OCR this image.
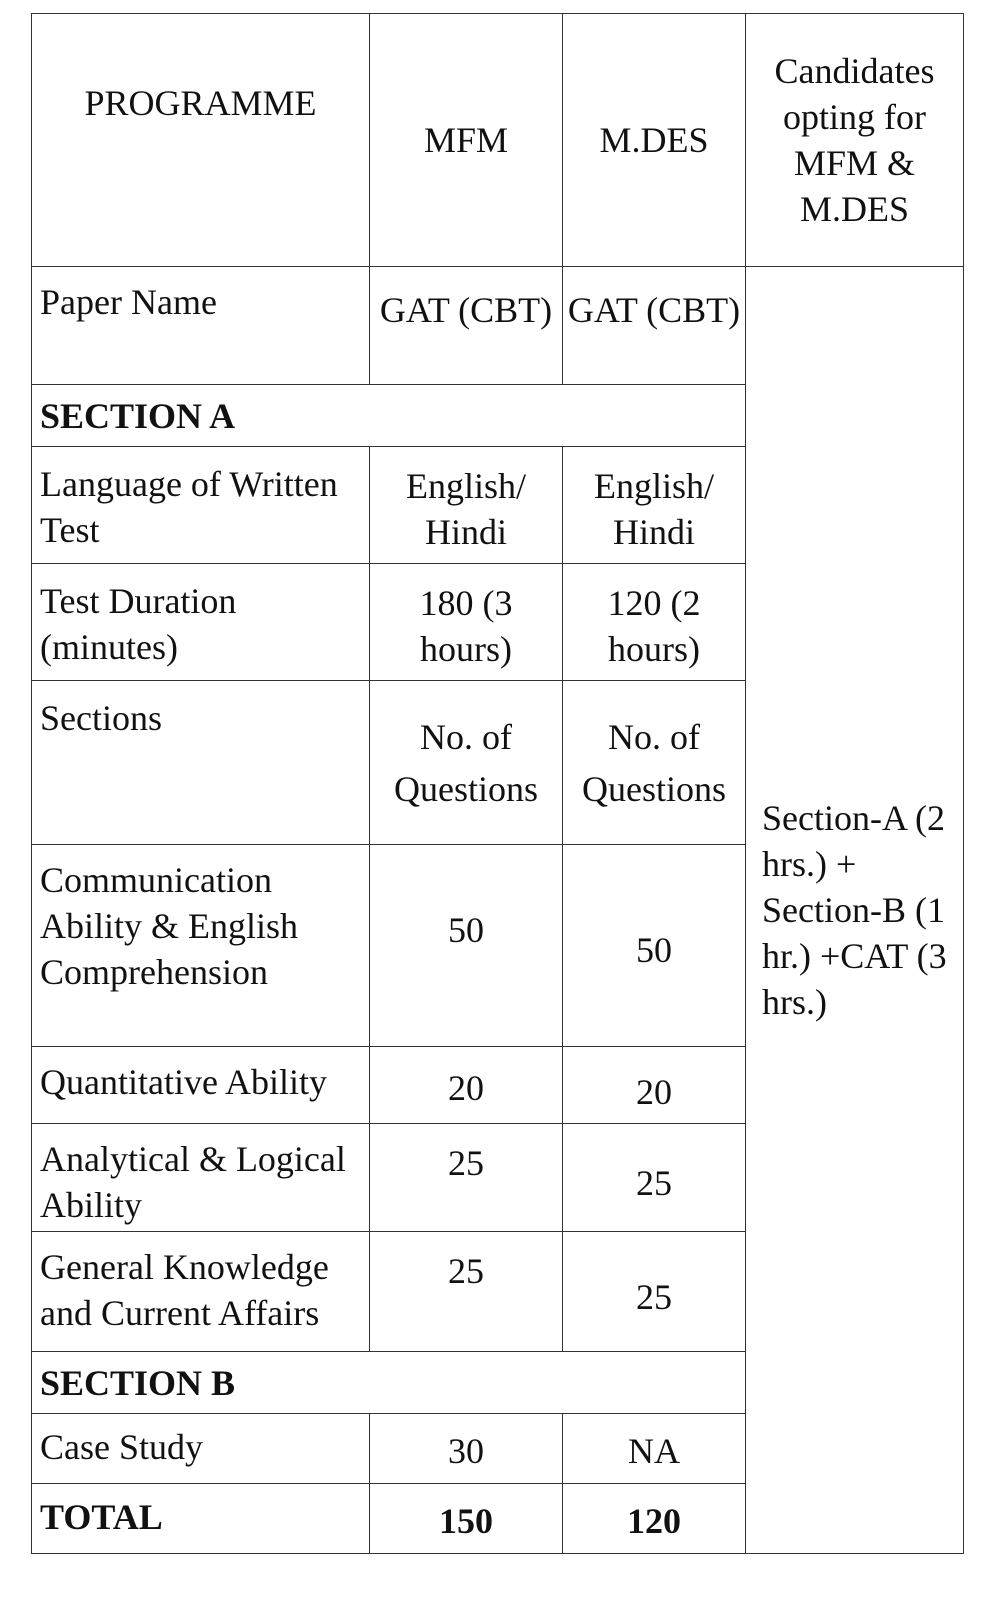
PROGRAMME	MFM	M.DES	Candidates opting for MFM & M.DES
Paper Name	GAT (CBT)	GAT (CBT)	Section-A (2 hrs.) + Section-B (1 hr.) +CAT (3 hrs.)
SECTION A			
Language of Written Test	English/ Hindi	English/ Hindi	
Test Duration (minutes)	180 (3 hours)	120 (2 hours)	
Sections	No. of Questions	No. of Questions	
Communication Ability & English Comprehension	50	50	
Quantitative Ability	20	20	
Analytical & Logical Ability	25	25	
General Knowledge and Current Affairs	25	25	
SECTION B			
Case Study	30	NA	
TOTAL	150	120	
